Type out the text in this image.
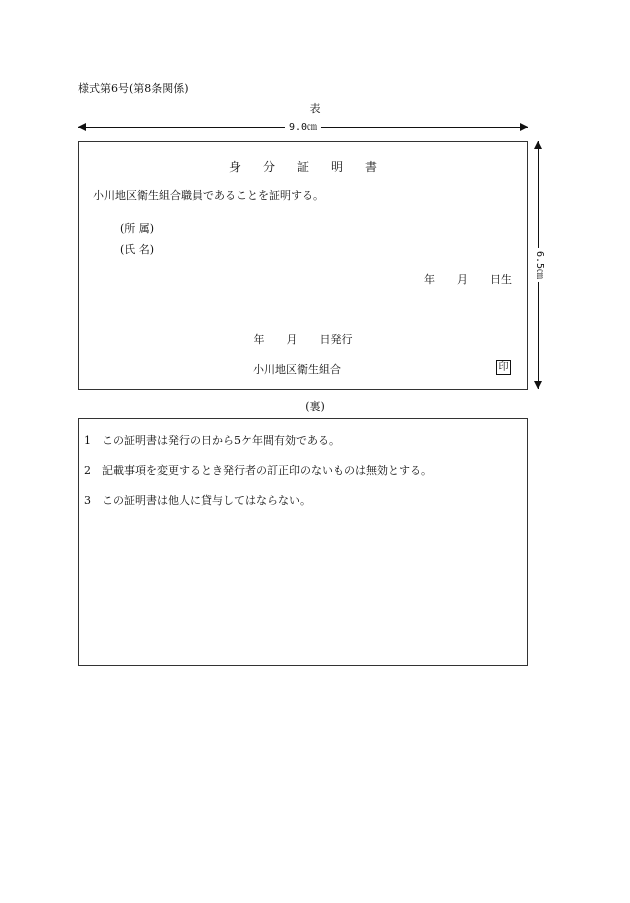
様式第6号(第8条関係)
表
9.0㎝
6.5㎝
身分証明書
小川地区衛生組合職員であることを証明する。
(所 属)
(氏 名)
年　　月　　日生
年　　月　　日発行
小川地区衛生組合	印
(裏)
1 この証明書は発行の日から5ケ年間有効である。
2 記載事項を変更するとき発行者の訂正印のないものは無効とする。
3 この証明書は他人に貸与してはならない。
